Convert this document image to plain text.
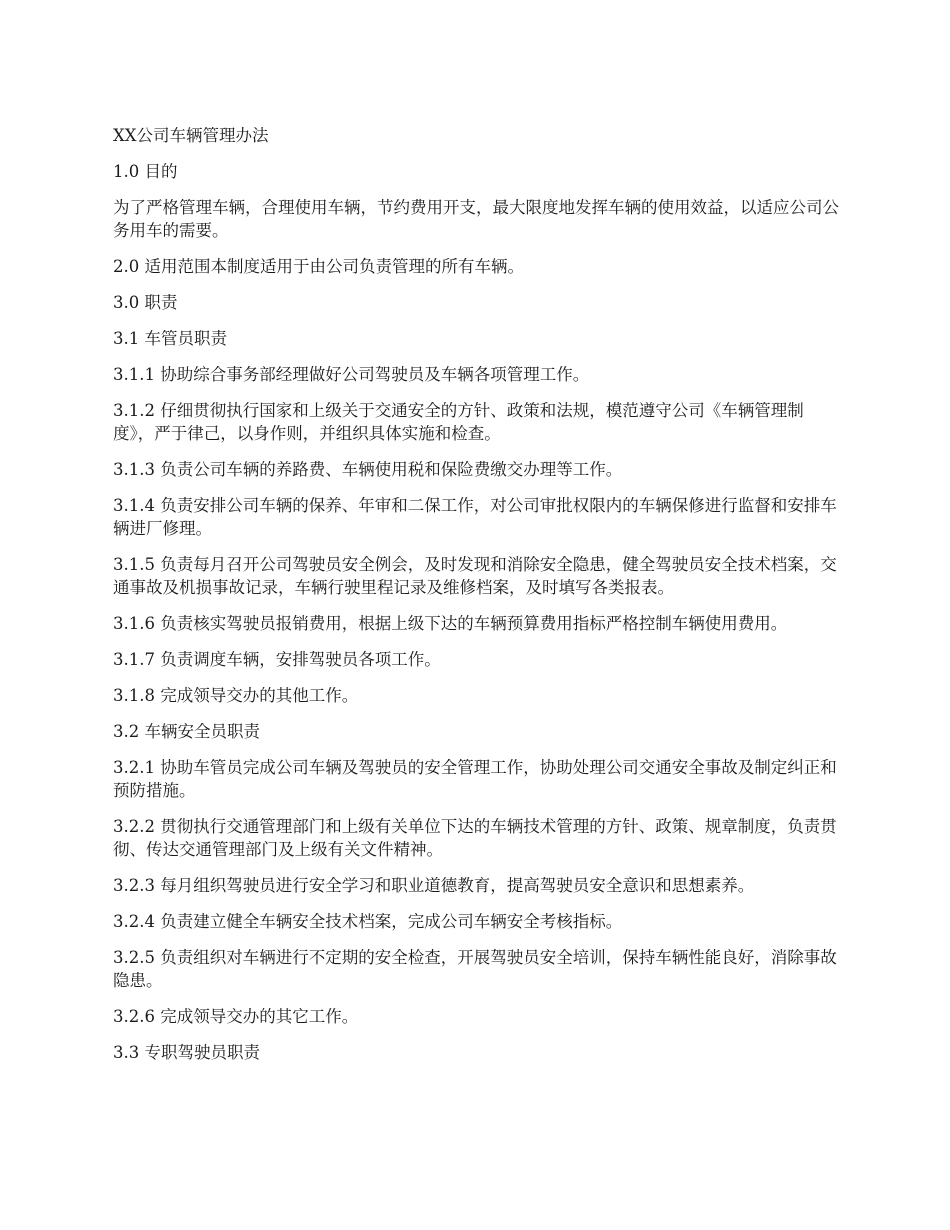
XX公司车辆管理办法

1.0 目的

为了严格管理车辆，合理使用车辆，节约费用开支，最大限度地发挥车辆的使用效益，以适应公司公务用车的需要。

2.0 适用范围本制度适用于由公司负责管理的所有车辆。

3.0 职责

3.1 车管员职责

3.1.1 协助综合事务部经理做好公司驾驶员及车辆各项管理工作。

3.1.2 仔细贯彻执行国家和上级关于交通安全的方针、政策和法规，模范遵守公司《车辆管理制度》，严于律己，以身作则，并组织具体实施和检查。

3.1.3 负责公司车辆的养路费、车辆使用税和保险费缴交办理等工作。

3.1.4 负责安排公司车辆的保养、年审和二保工作，对公司审批权限内的车辆保修进行监督和安排车辆进厂修理。

3.1.5 负责每月召开公司驾驶员安全例会，及时发现和消除安全隐患，健全驾驶员安全技术档案，交通事故及机损事故记录，车辆行驶里程记录及维修档案，及时填写各类报表。

3.1.6 负责核实驾驶员报销费用，根据上级下达的车辆预算费用指标严格控制车辆使用费用。

3.1.7 负责调度车辆，安排驾驶员各项工作。

3.1.8 完成领导交办的其他工作。

3.2 车辆安全员职责

3.2.1 协助车管员完成公司车辆及驾驶员的安全管理工作，协助处理公司交通安全事故及制定纠正和预防措施。

3.2.2 贯彻执行交通管理部门和上级有关单位下达的车辆技术管理的方针、政策、规章制度，负责贯彻、传达交通管理部门及上级有关文件精神。

3.2.3 每月组织驾驶员进行安全学习和职业道德教育，提高驾驶员安全意识和思想素养。

3.2.4 负责建立健全车辆安全技术档案，完成公司车辆安全考核指标。

3.2.5 负责组织对车辆进行不定期的安全检查，开展驾驶员安全培训，保持车辆性能良好，消除事故隐患。

3.2.6 完成领导交办的其它工作。

3.3 专职驾驶员职责
